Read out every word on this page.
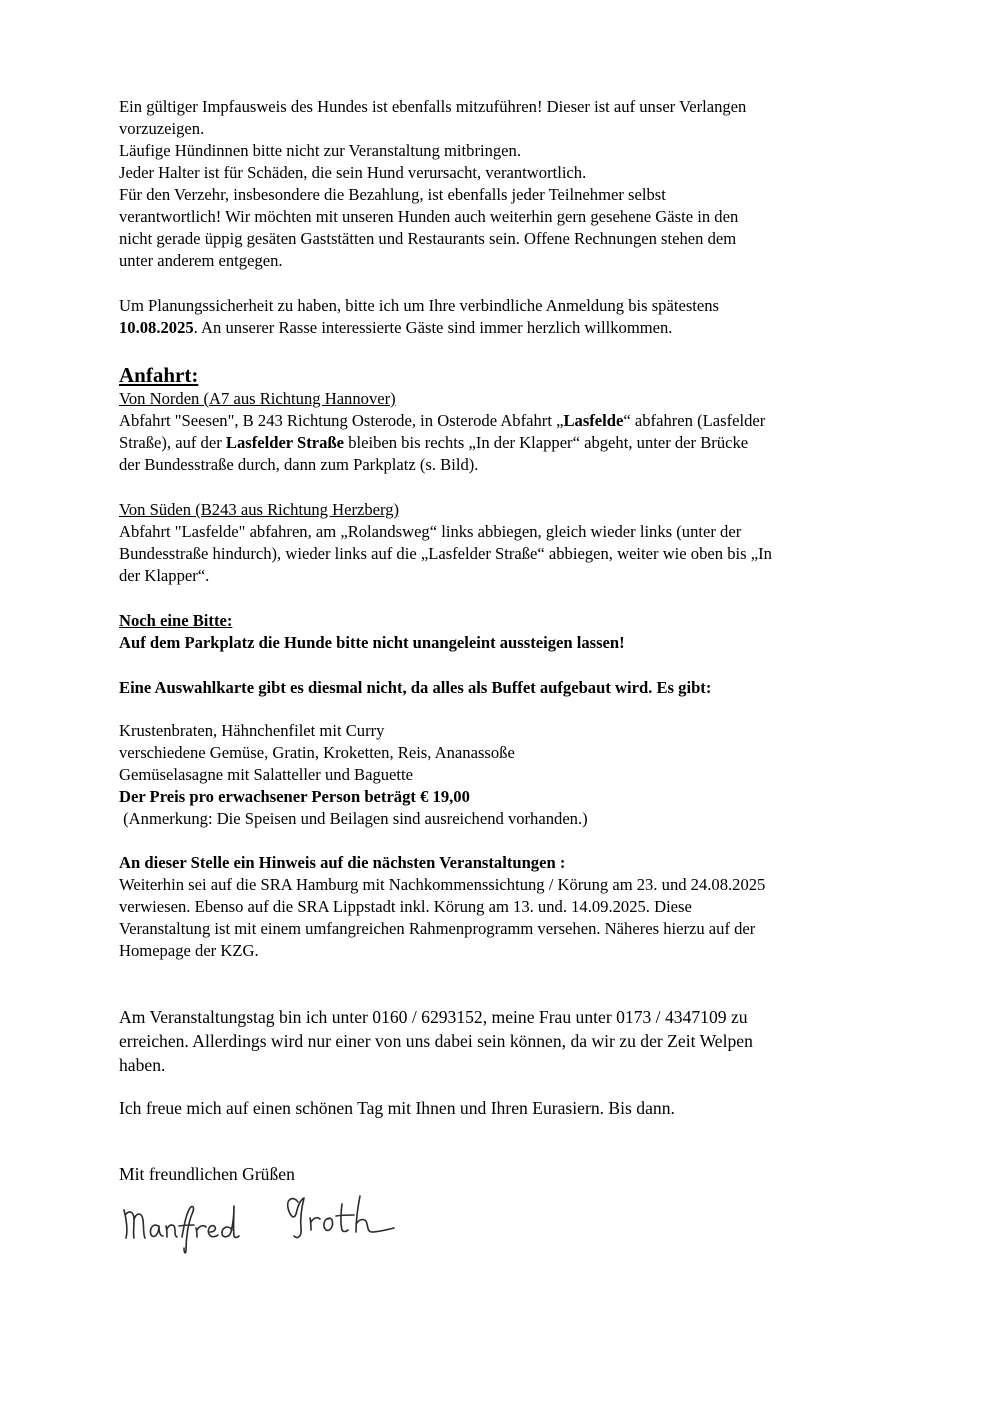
Ein gültiger Impfausweis des Hundes ist ebenfalls mitzuführen! Dieser ist auf unser Verlangen
vorzuzeigen.
Läufige Hündinnen bitte nicht zur Veranstaltung mitbringen.
Jeder Halter ist für Schäden, die sein Hund verursacht, verantwortlich.
Für den Verzehr, insbesondere die Bezahlung, ist ebenfalls jeder Teilnehmer selbst
verantwortlich! Wir möchten mit unseren Hunden auch weiterhin gern gesehene Gäste in den
nicht gerade üppig gesäten Gaststätten und Restaurants sein. Offene Rechnungen stehen dem
unter anderem entgegen.
Um Planungssicherheit zu haben, bitte ich um Ihre verbindliche Anmeldung bis spätestens
10.08.2025. An unserer Rasse interessierte Gäste sind immer herzlich willkommen.
Anfahrt:
Von Norden (A7 aus Richtung Hannover)
Abfahrt "Seesen", B 243 Richtung Osterode, in Osterode Abfahrt „Lasfelde“ abfahren (Lasfelder
Straße), auf der Lasfelder Straße bleiben bis rechts „In der Klapper“ abgeht, unter der Brücke
der Bundesstraße durch, dann zum Parkplatz (s. Bild).
Von Süden (B243 aus Richtung Herzberg)
Abfahrt "Lasfelde" abfahren, am „Rolandsweg“ links abbiegen, gleich wieder links (unter der
Bundesstraße hindurch), wieder links auf die „Lasfelder Straße“ abbiegen, weiter wie oben bis „In
der Klapper“.
Noch eine Bitte:
Auf dem Parkplatz die Hunde bitte nicht unangeleint aussteigen lassen!
Eine Auswahlkarte gibt es diesmal nicht, da alles als Buffet aufgebaut wird. Es gibt:
Krustenbraten, Hähnchenfilet mit Curry
verschiedene Gemüse, Gratin, Kroketten, Reis, Ananassoße
Gemüselasagne mit Salatteller und Baguette
Der Preis pro erwachsener Person beträgt € 19,00
(Anmerkung: Die Speisen und Beilagen sind ausreichend vorhanden.)
An dieser Stelle ein Hinweis auf die nächsten Veranstaltungen :
Weiterhin sei auf die SRA Hamburg mit Nachkommenssichtung / Körung am 23. und 24.08.2025
verwiesen. Ebenso auf die SRA Lippstadt inkl. Körung am 13. und. 14.09.2025. Diese
Veranstaltung ist mit einem umfangreichen Rahmenprogramm versehen. Näheres hierzu auf der
Homepage der KZG.
Am Veranstaltungstag bin ich unter 0160 / 6293152, meine Frau unter 0173 / 4347109 zu
erreichen. Allerdings wird nur einer von uns dabei sein können, da wir zu der Zeit Welpen
haben.
Ich freue mich auf einen schönen Tag mit Ihnen und Ihren Eurasiern. Bis dann.
Mit freundlichen Grüßen
